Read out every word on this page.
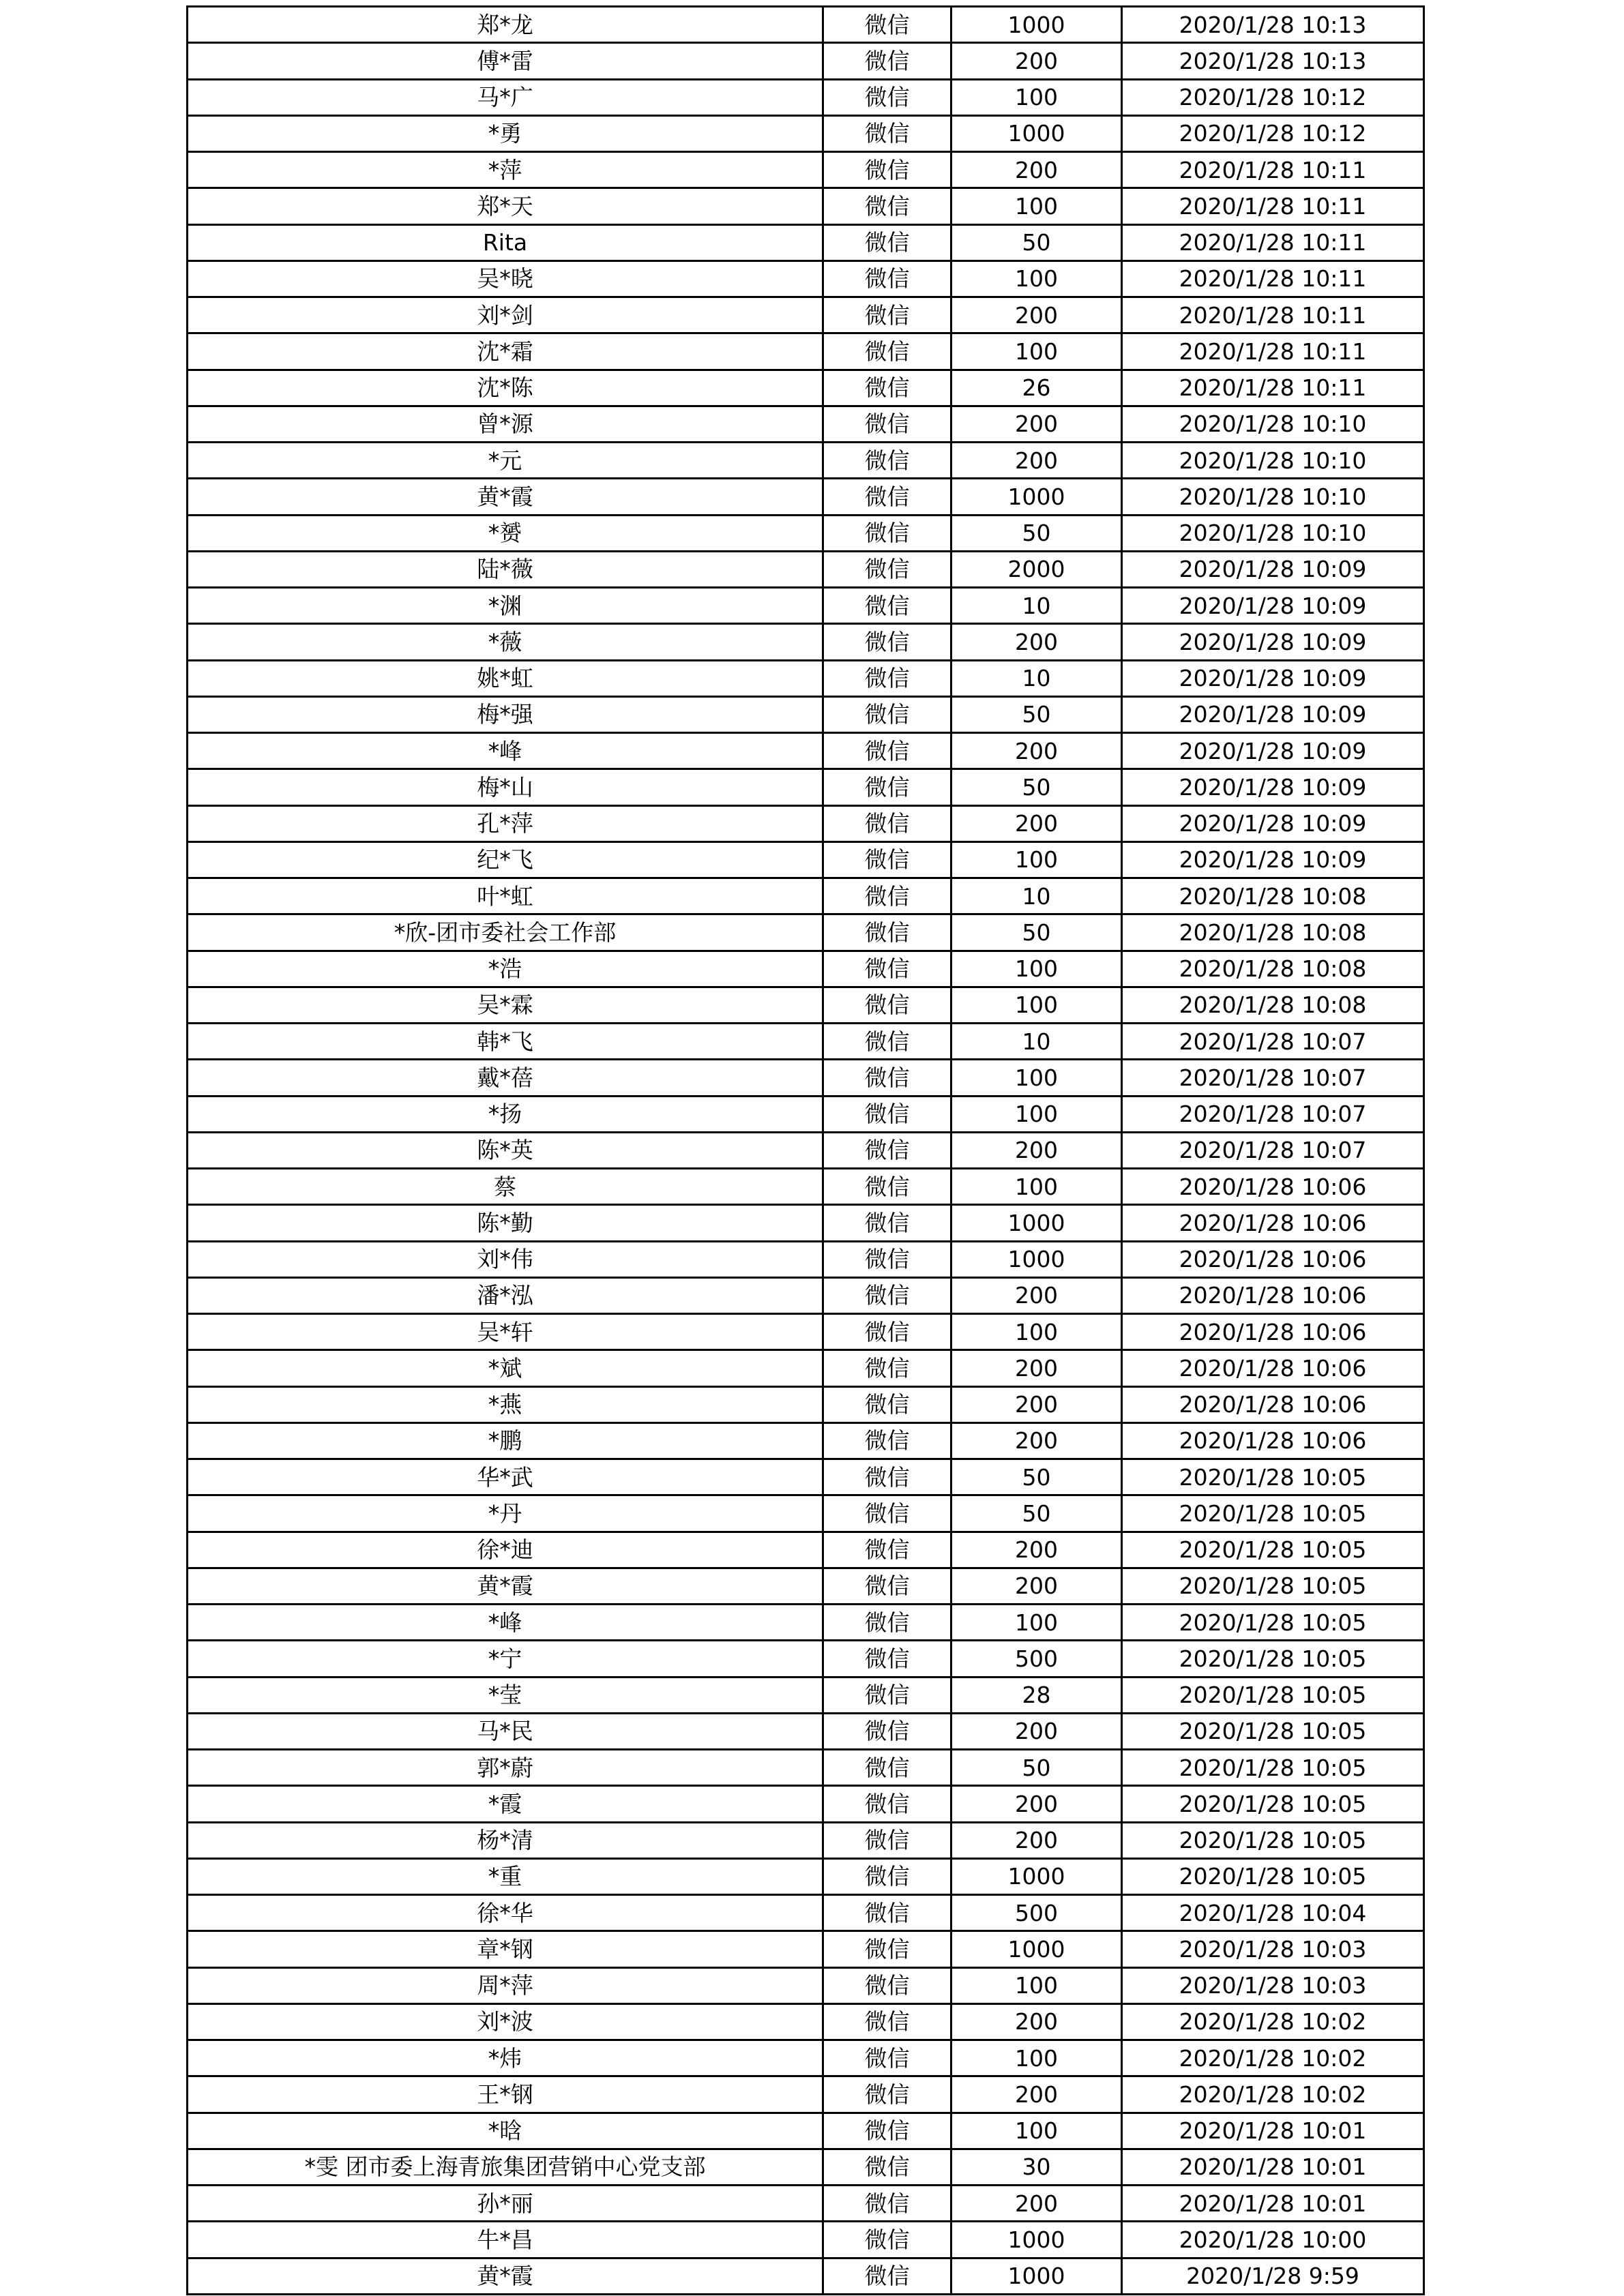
郑*龙	微信	1000	2020/1/28 10:13
傅*雷	微信	200	2020/1/28 10:13
马*广	微信	100	2020/1/28 10:12
*勇	微信	1000	2020/1/28 10:12
*萍	微信	200	2020/1/28 10:11
郑*天	微信	100	2020/1/28 10:11
Rita	微信	50	2020/1/28 10:11
吴*晓	微信	100	2020/1/28 10:11
刘*剑	微信	200	2020/1/28 10:11
沈*霜	微信	100	2020/1/28 10:11
沈*陈	微信	26	2020/1/28 10:11
曾*源	微信	200	2020/1/28 10:10
*元	微信	200	2020/1/28 10:10
黄*霞	微信	1000	2020/1/28 10:10
*赟	微信	50	2020/1/28 10:10
陆*薇	微信	2000	2020/1/28 10:09
*渊	微信	10	2020/1/28 10:09
*薇	微信	200	2020/1/28 10:09
姚*虹	微信	10	2020/1/28 10:09
梅*强	微信	50	2020/1/28 10:09
*峰	微信	200	2020/1/28 10:09
梅*山	微信	50	2020/1/28 10:09
孔*萍	微信	200	2020/1/28 10:09
纪*飞	微信	100	2020/1/28 10:09
叶*虹	微信	10	2020/1/28 10:08
*欣-团市委社会工作部	微信	50	2020/1/28 10:08
*浩	微信	100	2020/1/28 10:08
吴*霖	微信	100	2020/1/28 10:08
韩*飞	微信	10	2020/1/28 10:07
戴*蓓	微信	100	2020/1/28 10:07
*扬	微信	100	2020/1/28 10:07
陈*英	微信	200	2020/1/28 10:07
蔡	微信	100	2020/1/28 10:06
陈*勤	微信	1000	2020/1/28 10:06
刘*伟	微信	1000	2020/1/28 10:06
潘*泓	微信	200	2020/1/28 10:06
吴*轩	微信	100	2020/1/28 10:06
*斌	微信	200	2020/1/28 10:06
*燕	微信	200	2020/1/28 10:06
*鹏	微信	200	2020/1/28 10:06
华*武	微信	50	2020/1/28 10:05
*丹	微信	50	2020/1/28 10:05
徐*迪	微信	200	2020/1/28 10:05
黄*霞	微信	200	2020/1/28 10:05
*峰	微信	100	2020/1/28 10:05
*宁	微信	500	2020/1/28 10:05
*莹	微信	28	2020/1/28 10:05
马*民	微信	200	2020/1/28 10:05
郭*蔚	微信	50	2020/1/28 10:05
*霞	微信	200	2020/1/28 10:05
杨*清	微信	200	2020/1/28 10:05
*重	微信	1000	2020/1/28 10:05
徐*华	微信	500	2020/1/28 10:04
章*钢	微信	1000	2020/1/28 10:03
周*萍	微信	100	2020/1/28 10:03
刘*波	微信	200	2020/1/28 10:02
*炜	微信	100	2020/1/28 10:02
王*钢	微信	200	2020/1/28 10:02
*晗	微信	100	2020/1/28 10:01
*雯 团市委上海青旅集团营销中心党支部	微信	30	2020/1/28 10:01
孙*丽	微信	200	2020/1/28 10:01
牛*昌	微信	1000	2020/1/28 10:00
黄*霞	微信	1000	2020/1/28 9:59
